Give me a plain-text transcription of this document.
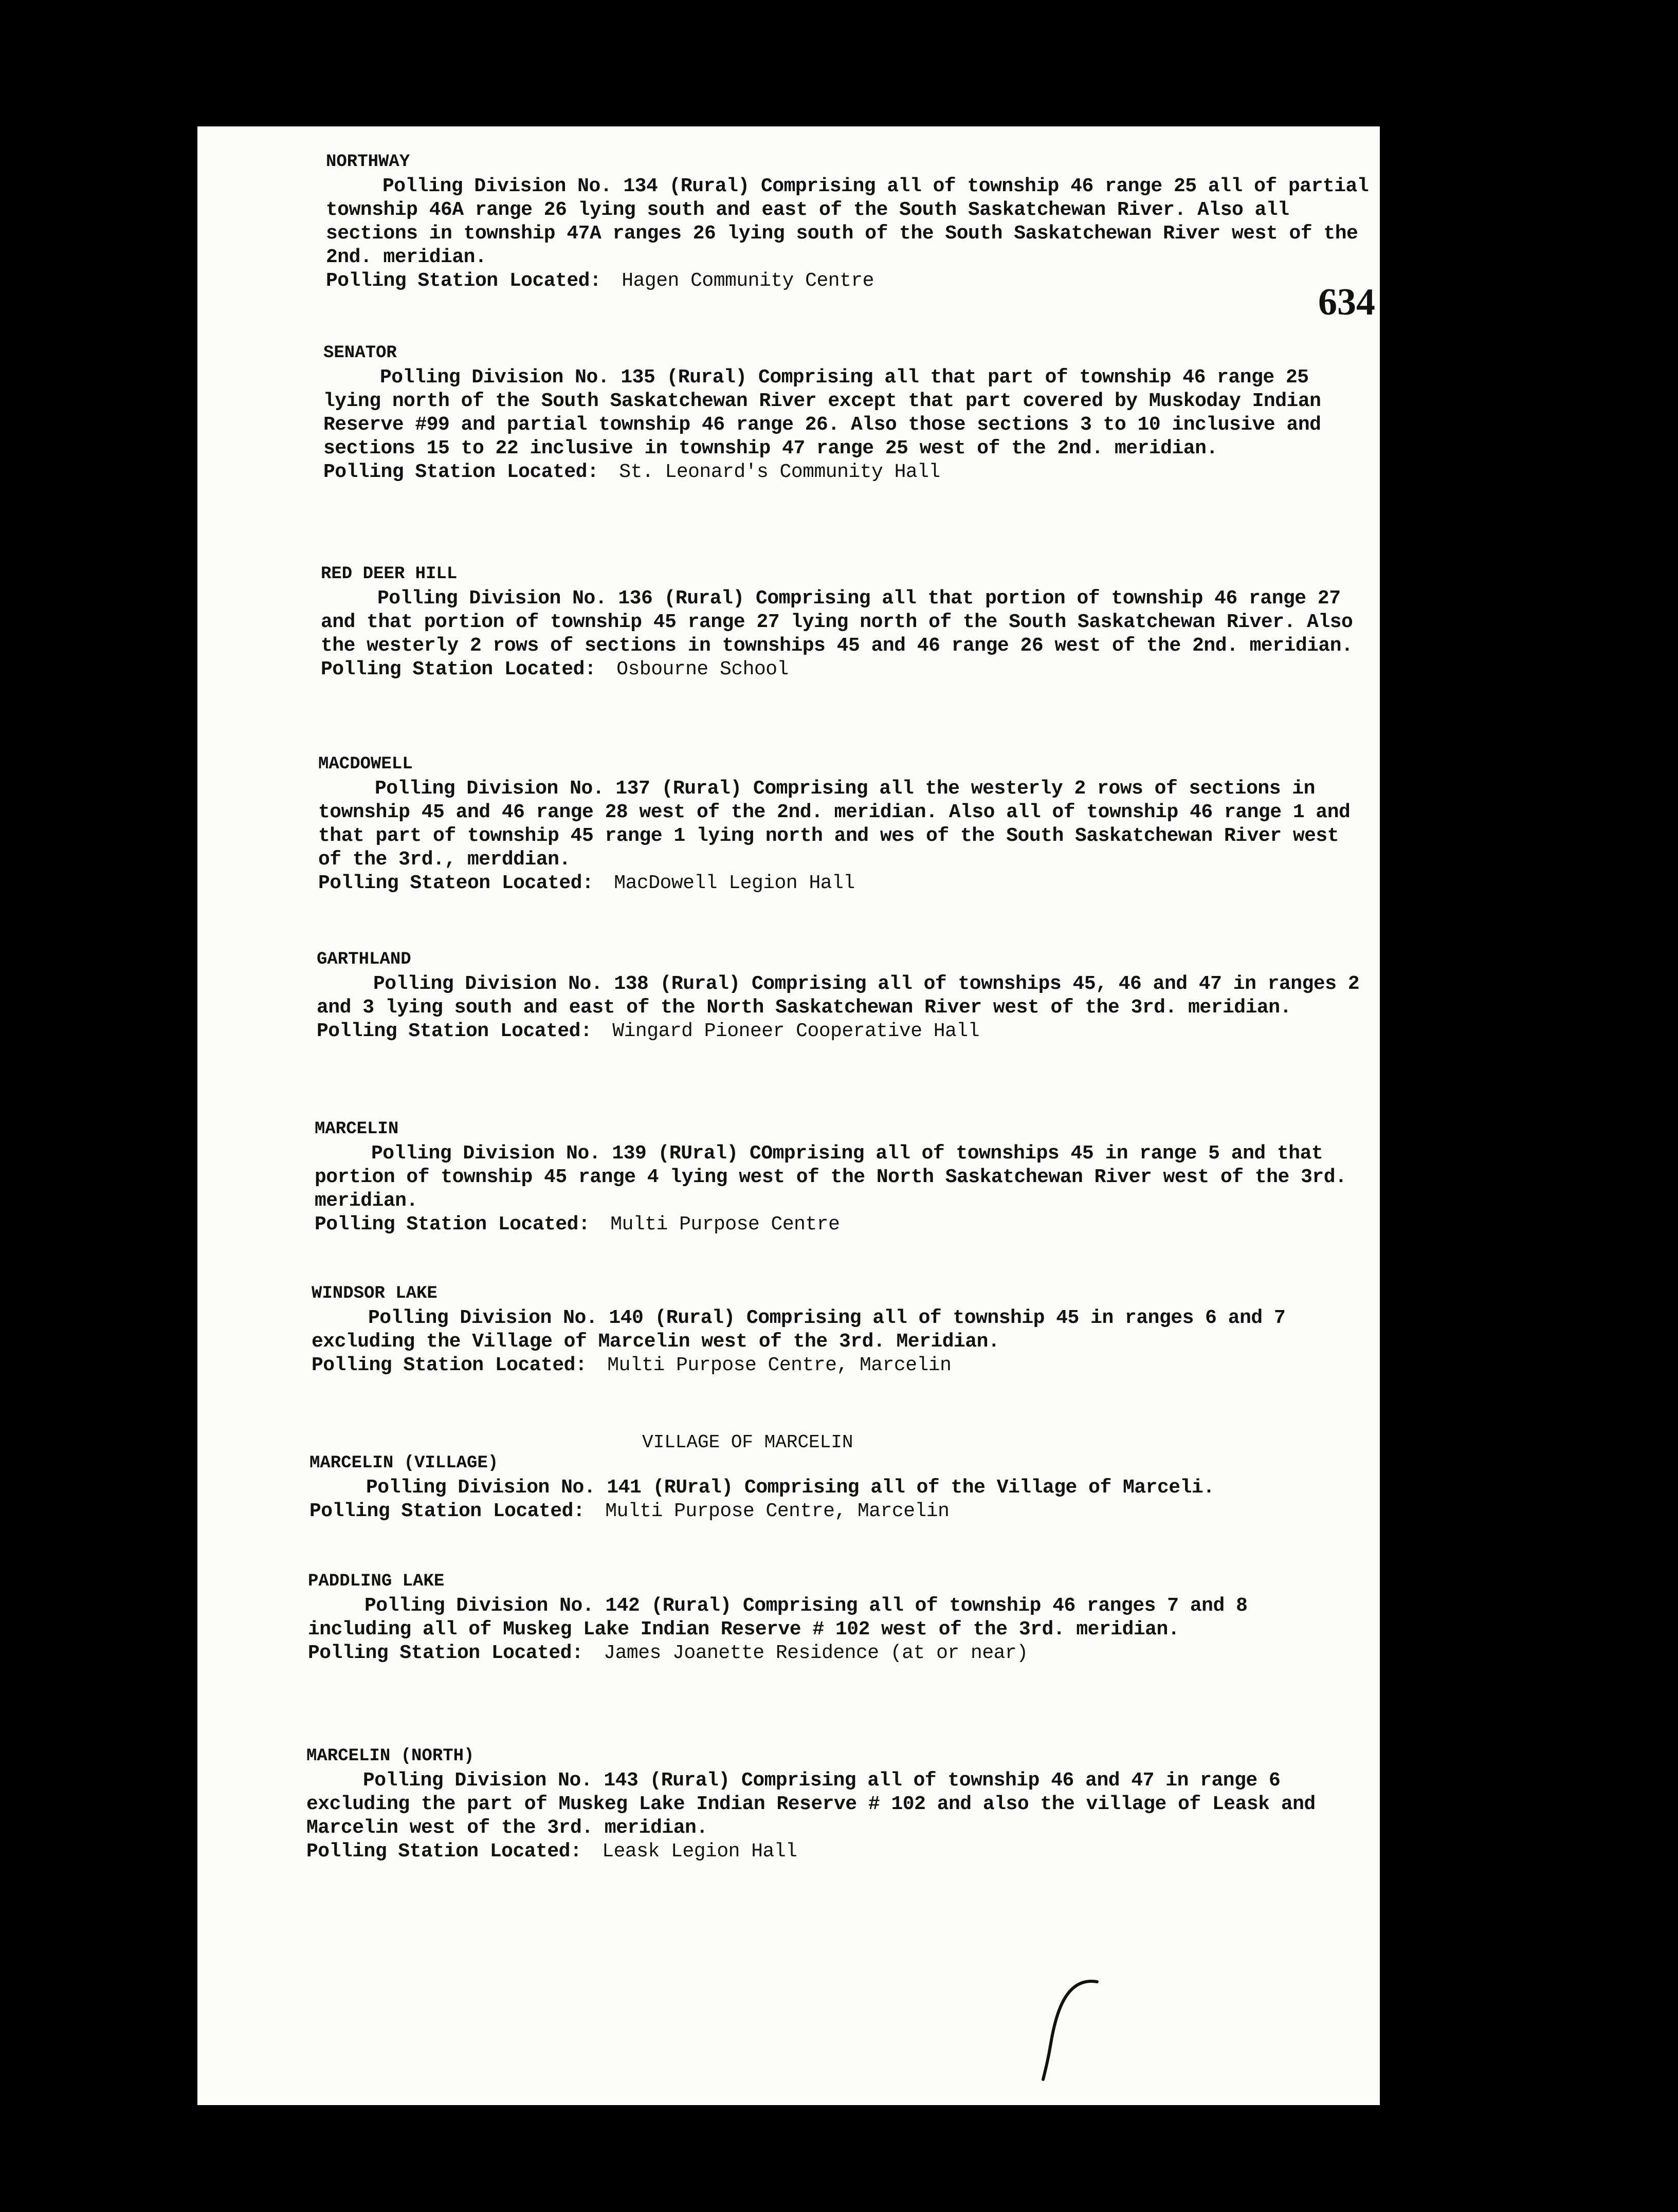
634
NORTHWAY

Polling Division No. 134 (Rural) Comprising all of township 46 range 25 all of partial township 46A range 26 lying south and east of the South Saskatchewan River. Also all sections in township 47A ranges 26 lying south of the South Saskatchewan River west of the 2nd. meridian.

Polling Station Located: Hagen Community Centre

SENATOR

Polling Division No. 135 (Rural) Comprising all that part of township 46 range 25 lying north of the South Saskatchewan River except that part covered by Muskoday Indian Reserve #99 and partial township 46 range 26. Also those sections 3 to 10 inclusive and sections 15 to 22 inclusive in township 47 range 25 west of the 2nd. meridian.

Polling Station Located: St. Leonard's Community Hall

RED DEER HILL

Polling Division No. 136 (Rural) Comprising all that portion of township 46 range 27 and that portion of township 45 range 27 lying north of the South Saskatchewan River. Also the westerly 2 rows of sections in townships 45 and 46 range 26 west of the 2nd. meridian.

Polling Station Located: Osbourne School

MACDOWELL

Polling Division No. 137 (Rural) Comprising all the westerly 2 rows of sections in township 45 and 46 range 28 west of the 2nd. meridian. Also all of township 46 range 1 and that part of township 45 range 1 lying north and wes of the South Saskatchewan River west of the 3rd., merddian.

Polling Stateon Located: MacDowell Legion Hall

GARTHLAND

Polling Division No. 138 (Rural) Comprising all of townships 45, 46 and 47 in ranges 2 and 3 lying south and east of the North Saskatchewan River west of the 3rd. meridian.

Polling Station Located: Wingard Pioneer Cooperative Hall

MARCELIN

Polling Division No. 139 (RUral) COmprising all of townships 45 in range 5 and that portion of township 45 range 4 lying west of the North Saskatchewan River west of the 3rd. meridian.

Polling Station Located: Multi Purpose Centre

WINDSOR LAKE

Polling Division No. 140 (Rural) Comprising all of township 45 in ranges 6 and 7 excluding the Village of Marcelin west of the 3rd. Meridian.

Polling Station Located: Multi Purpose Centre, Marcelin

VILLAGE OF MARCELIN
MARCELIN (VILLAGE)

Polling Division No. 141 (RUral) Comprising all of the Village of Marceli.

Polling Station Located: Multi Purpose Centre, Marcelin

PADDLING LAKE

Polling Division No. 142 (Rural) Comprising all of township 46 ranges 7 and 8 including all of Muskeg Lake Indian Reserve # 102 west of the 3rd. meridian.

Polling Station Located: James Joanette Residence (at or near)

MARCELIN (NORTH)

Polling Division No. 143 (Rural) Comprising all of township 46 and 47 in range 6 excluding the part of Muskeg Lake Indian Reserve # 102 and also the village of Leask and Marcelin west of the 3rd. meridian.

Polling Station Located: Leask Legion Hall
